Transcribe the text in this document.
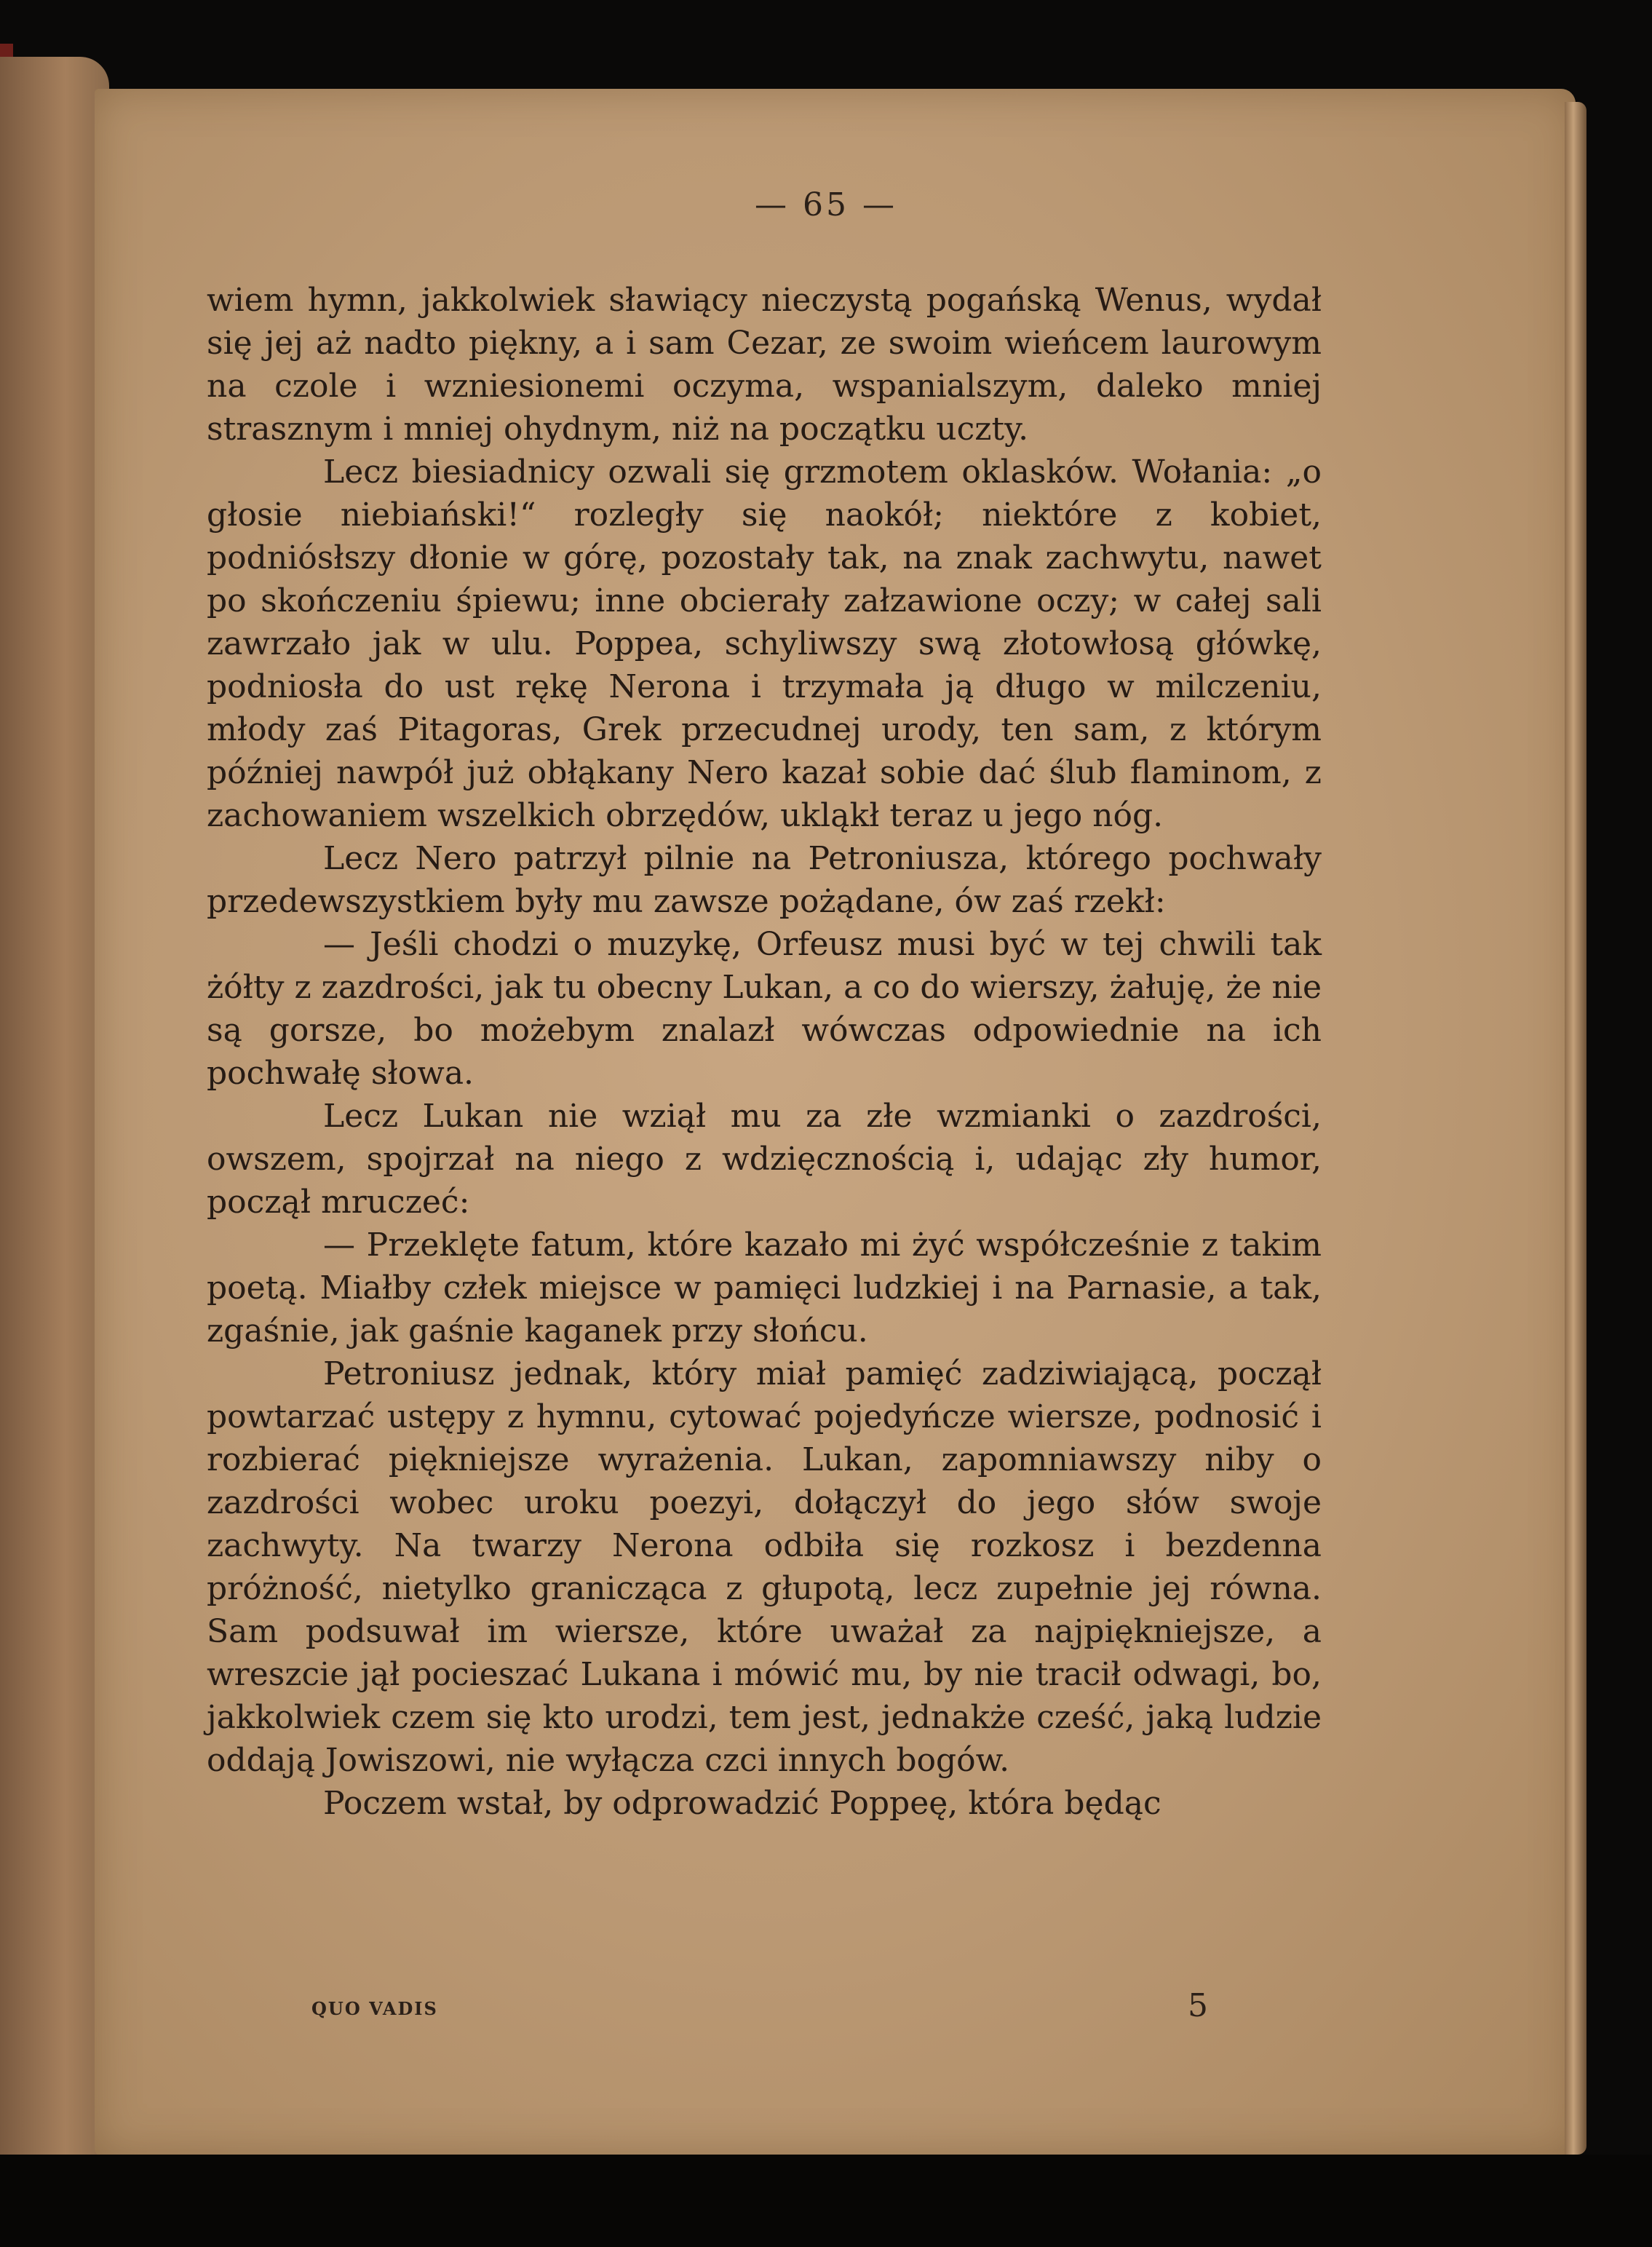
— 65 —

wiem hymn, jakkolwiek sławiący nieczystą pogańską Wenus, wydał się jej aż nadto piękny, a i sam Cezar, ze swoim wieńcem laurowym na czole i wzniesionemi oczyma, wspanialszym, daleko mniej strasznym i mniej ohydnym, niż na początku uczty.

Lecz biesiadnicy ozwali się grzmotem oklasków. Wołania: „o głosie niebiański!“ rozległy się naokół; niektóre z kobiet, podniósłszy dłonie w górę, pozostały tak, na znak zachwytu, nawet po skończeniu śpiewu; inne obcierały załzawione oczy; w całej sali zawrzało jak w ulu. Poppea, schyliwszy swą złotowłosą główkę, podniosła do ust rękę Nerona i trzymała ją długo w milczeniu, młody zaś Pitagoras, Grek przecudnej urody, ten sam, z którym później nawpół już obłąkany Nero kazał sobie dać ślub flaminom, z zachowaniem wszelkich obrzędów, ukląkł teraz u jego nóg.

Lecz Nero patrzył pilnie na Petroniusza, którego pochwały przedewszystkiem były mu zawsze pożądane, ów zaś rzekł:

— Jeśli chodzi o muzykę, Orfeusz musi być w tej chwili tak żółty z zazdrości, jak tu obecny Lukan, a co do wierszy, żałuję, że nie są gorsze, bo możebym znalazł wówczas odpowiednie na ich pochwałę słowa.

Lecz Lukan nie wziął mu za złe wzmianki o zazdrości, owszem, spojrzał na niego z wdzięcznością i, udając zły humor, począł mruczeć:

— Przeklęte fatum, które kazało mi żyć współcześnie z takim poetą. Miałby człek miejsce w pamięci ludzkiej i na Parnasie, a tak, zgaśnie, jak gaśnie kaganek przy słońcu.

Petroniusz jednak, który miał pamięć zadziwiającą, począł powtarzać ustępy z hymnu, cytować pojedyńcze wiersze, podnosić i rozbierać piękniejsze wyrażenia. Lukan, zapomniawszy niby o zazdrości wobec uroku poezyi, dołączył do jego słów swoje zachwyty. Na twarzy Nerona odbiła się rozkosz i bezdenna próżność, nietylko granicząca z głupotą, lecz zupełnie jej równa. Sam podsuwał im wiersze, które uważał za najpiękniejsze, a wreszcie jął pocieszać Lukana i mówić mu, by nie tracił odwagi, bo, jakkolwiek czem się kto urodzi, tem jest, jednakże cześć, jaką ludzie oddają Jowiszowi, nie wyłącza czci innych bogów.

Poczem wstał, by odprowadzić Poppeę, która będąc

QUO VADIS	5
